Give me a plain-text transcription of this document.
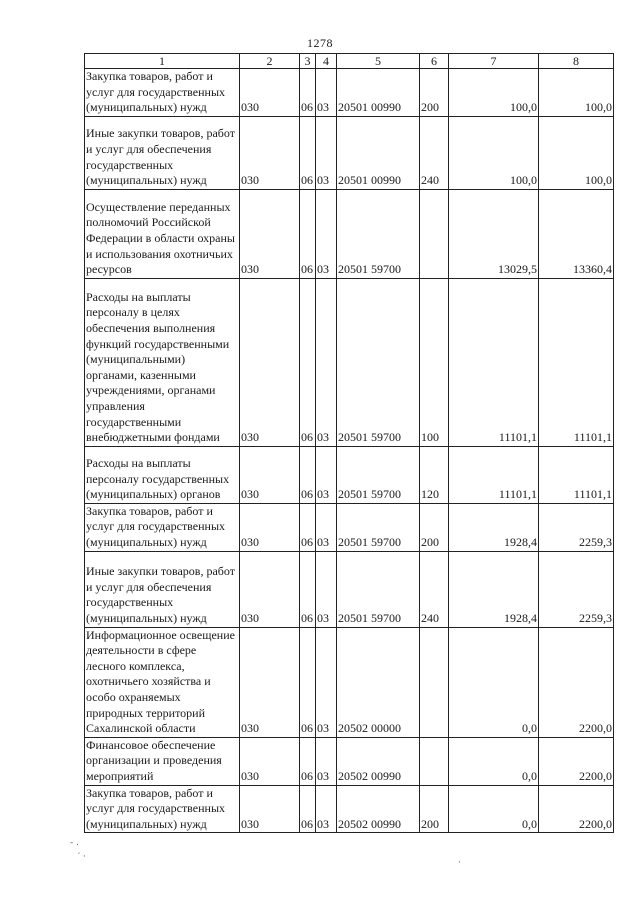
1278
1	2	3	4	5	6	7	8
Закупка товаров, работ и услуг для государственных (муниципальных) нужд	030	06	03	20501 00990	200	100,0	100,0
Иные закупки товаров, работ и услуг для обеспечения государственных (муниципальных) нужд	030	06	03	20501 00990	240	100,0	100,0
Осуществление переданных полномочий Российской Федерации в области охраны и использования охотничьих ресурсов	030	06	03	20501 59700		13029,5	13360,4
Расходы на выплаты персоналу в целях обеспечения выполнения функций государственными (муниципальными) органами, казенными учреждениями, органами управления государственными внебюджетными фондами	030	06	03	20501 59700	100	11101,1	11101,1
Расходы на выплаты персоналу государственных (муниципальных) органов	030	06	03	20501 59700	120	11101,1	11101,1
Закупка товаров, работ и услуг для государственных (муниципальных) нужд	030	06	03	20501 59700	200	1928,4	2259,3
Иные закупки товаров, работ и услуг для обеспечения государственных (муниципальных) нужд	030	06	03	20501 59700	240	1928,4	2259,3
Информационное освещение деятельности в сфере лесного комплекса, охотничьего хозяйства и особо охраняемых природных территорий Сахалинской области	030	06	03	20502 00000		0,0	2200,0
Финансовое обеспечение организации и проведения мероприятий	030	06	03	20502 00990		0,0	2200,0
Закупка товаров, работ и услуг для государственных (муниципальных) нужд	030	06	03	20502 00990	200	0,0	2200,0
- .
′ ·
·
